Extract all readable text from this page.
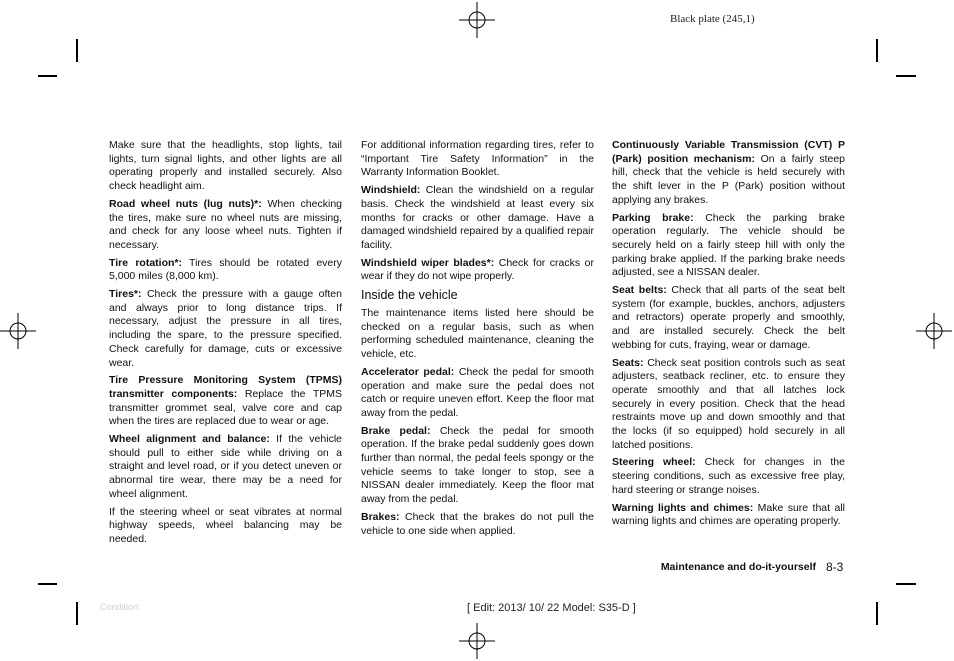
Black plate (245,1)

Make sure that the headlights, stop lights, tail lights, turn signal lights, and other lights are all operating properly and installed securely. Also check headlight aim.

Road wheel nuts (lug nuts)*: When checking the tires, make sure no wheel nuts are missing, and check for any loose wheel nuts. Tighten if necessary.

Tire rotation*: Tires should be rotated every 5,000 miles (8,000 km).

Tires*: Check the pressure with a gauge often and always prior to long distance trips. If necessary, adjust the pressure in all tires, including the spare, to the pressure specified. Check carefully for damage, cuts or excessive wear.

Tire Pressure Monitoring System (TPMS) transmitter components: Replace the TPMS transmitter grommet seal, valve core and cap when the tires are replaced due to wear or age.

Wheel alignment and balance: If the vehicle should pull to either side while driving on a straight and level road, or if you detect uneven or abnormal tire wear, there may be a need for wheel alignment.

If the steering wheel or seat vibrates at normal highway speeds, wheel balancing may be needed.

For additional information regarding tires, refer to “Important Tire Safety Information” in the Warranty Information Booklet.

Windshield: Clean the windshield on a regular basis. Check the windshield at least every six months for cracks or other damage. Have a damaged windshield repaired by a qualified repair facility.

Windshield wiper blades*: Check for cracks or wear if they do not wipe properly.

Inside the vehicle

The maintenance items listed here should be checked on a regular basis, such as when performing scheduled maintenance, cleaning the vehicle, etc.

Accelerator pedal: Check the pedal for smooth operation and make sure the pedal does not catch or require uneven effort. Keep the floor mat away from the pedal.

Brake pedal: Check the pedal for smooth operation. If the brake pedal suddenly goes down further than normal, the pedal feels spongy or the vehicle seems to take longer to stop, see a NISSAN dealer immediately. Keep the floor mat away from the pedal.

Brakes: Check that the brakes do not pull the vehicle to one side when applied.

Continuously Variable Transmission (CVT) P (Park) position mechanism: On a fairly steep hill, check that the vehicle is held securely with the shift lever in the P (Park) position without applying any brakes.

Parking brake: Check the parking brake operation regularly. The vehicle should be securely held on a fairly steep hill with only the parking brake applied. If the parking brake needs adjusted, see a NISSAN dealer.

Seat belts: Check that all parts of the seat belt system (for example, buckles, anchors, adjusters and retractors) operate properly and smoothly, and are installed securely. Check the belt webbing for cuts, fraying, wear or damage.

Seats: Check seat position controls such as seat adjusters, seatback recliner, etc. to ensure they operate smoothly and that all latches lock securely in every position. Check that the head restraints move up and down smoothly and that the locks (if so equipped) hold securely in all latched positions.

Steering wheel: Check for changes in the steering conditions, such as excessive free play, hard steering or strange noises.

Warning lights and chimes: Make sure that all warning lights and chimes are operating properly.

Maintenance and do-it-yourself 8-3
Condition:	[ Edit: 2013/ 10/ 22 Model: S35-D ]
